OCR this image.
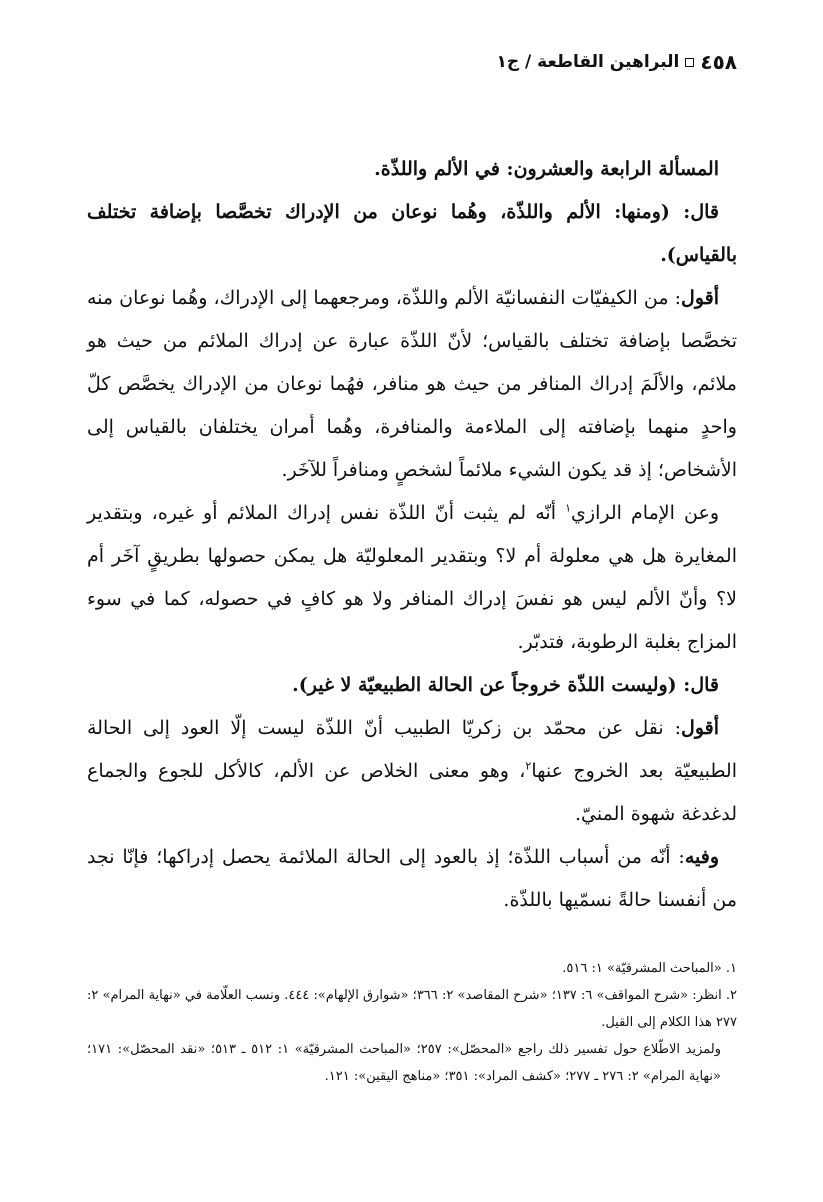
٤٥٨
البراهين القاطعة / ج١

المسألة الرابعة والعشرون: في الألم واللذّة.

قال: (ومنها: الألم واللذّة، وهُما نوعان من الإدراك تخصَّصا بإضافة تختلف بالقياس).

أقول: من الكيفيّات النفسانيّة الألم واللذّة، ومرجعهما إلى الإدراك، وهُما نوعان منه تخصَّصا بإضافة تختلف بالقياس؛ لأنّ اللذّة عبارة عن إدراك الملائم من حيث هو ملائم، والألَمَ إدراك المنافر من حيث هو منافر، فهُما نوعان من الإدراك يخصَّص كلّ واحدٍ منهما بإضافته إلى الملاءمة والمنافرة، وهُما أمران يختلفان بالقياس إلى الأشخاص؛ إذ قد يكون الشيء ملائماً لشخصٍ ومنافراً للآخَر.

وعن الإمام الرازي$^١$ أنّه لم يثبت أنّ اللذّة نفس إدراك الملائم أو غيره، وبتقدير المغايرة هل هي معلولة أم لا؟ وبتقدير المعلوليّة هل يمكن حصولها بطريقٍ آخَر أم لا؟ وأنّ الألم ليس هو نفسَ إدراك المنافر ولا هو كافٍ في حصوله، كما في سوء المزاج بغلبة الرطوبة، فتدبّر.

قال: (وليست اللذّة خروجاً عن الحالة الطبيعيّة لا غير).

أقول: نقل عن محمّد بن زكريّا الطبيب أنّ اللذّة ليست إلّا العود إلى الحالة الطبيعيّة بعد الخروج عنها$^٢$، وهو معنى الخلاص عن الألم، كالأكل للجوع والجماع لدغدغة شهوة المنيّ.

وفيه: أنّه من أسباب اللذّة؛ إذ بالعود إلى الحالة الملائمة يحصل إدراكها؛ فإنّا نجد من أنفسنا حالةً نسمّيها باللذّة.

١. «المباحث المشرقيّة» ١: ٥١٦.

٢. انظر: «شرح المواقف» ٦: ١٣٧؛ «شرح المقاصد» ٢: ٣٦٦؛ «شوارق الإلهام»: ٤٤٤. ونسب العلّامة في «نهاية المرام» ٢: ٢٧٧ هذا الكلام إلى القيل.

ولمزيد الاطّلاع حول تفسير ذلك راجع «المحصّل»: ٢٥٧؛ «المباحث المشرقيّة» ١: ٥١٢ ـ ٥١٣؛ «نقد المحصّل»: ١٧١؛ «نهاية المرام» ٢: ٢٧٦ ـ ٢٧٧؛ «كشف المراد»: ٣٥١؛ «مناهج اليقين»: ١٢١.
